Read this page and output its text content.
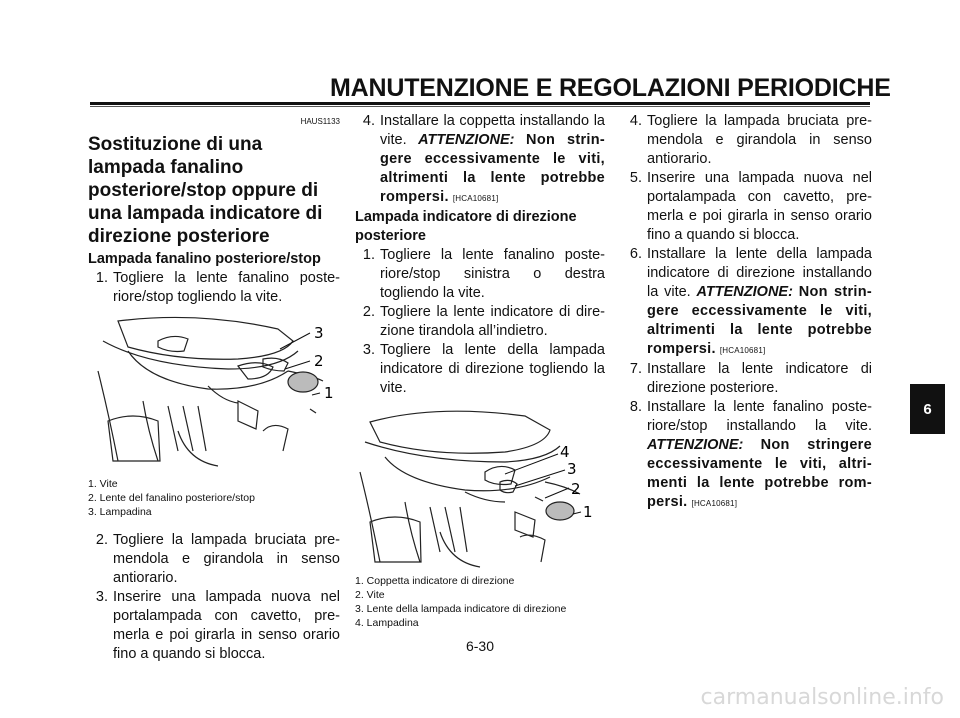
MANUTENZIONE E REGOLAZIONI PERIODICHE
HAUS1133
Sostituzione di una lampada fanalino posteriore/stop oppure di una lampada indicatore di direzione posteriore
Lampada fanalino posteriore/stop
1. Togliere la lente fanalino poste- riore/stop togliendo la vite.
3
2
1
1. Vite
2. Lente del fanalino posteriore/stop
3. Lampadina
2. Togliere la lampada bruciata pre- mendola e girandola in senso antiorario.
3. Inserire una lampada nuova nel portalampada con cavetto, pre- merla e poi girarla in senso orario fino a quando si blocca.
4. Installare la coppetta installando la vite. ATTENZIONE: Non strin- gere eccessivamente le viti, altrimenti la lente potrebbe rompersi. [HCA10681]
Lampada indicatore di direzione posteriore
1. Togliere la lente fanalino poste- riore/stop sinistra o destra togliendo la vite.
2. Togliere la lente indicatore di dire- zione tirandola all’indietro.
3. Togliere la lente della lampada indicatore di direzione togliendo la vite.
4
3
2
1
1. Coppetta indicatore di direzione
2. Vite
3. Lente della lampada indicatore di direzione
4. Lampadina
4. Togliere la lampada bruciata pre- mendola e girandola in senso antiorario.
5. Inserire una lampada nuova nel portalampada con cavetto, pre- merla e poi girarla in senso orario fino a quando si blocca.
6. Installare la lente della lampada indicatore di direzione installando la vite. ATTENZIONE: Non strin- gere eccessivamente le viti, altrimenti la lente potrebbe rompersi. [HCA10681]
7. Installare la lente indicatore di direzione posteriore.
8. Installare la lente fanalino poste- riore/stop installando la vite. ATTENZIONE: Non stringere eccessivamente le viti, altri- menti la lente potrebbe rom- persi. [HCA10681]
6
6-30
carmanualsonline.info
